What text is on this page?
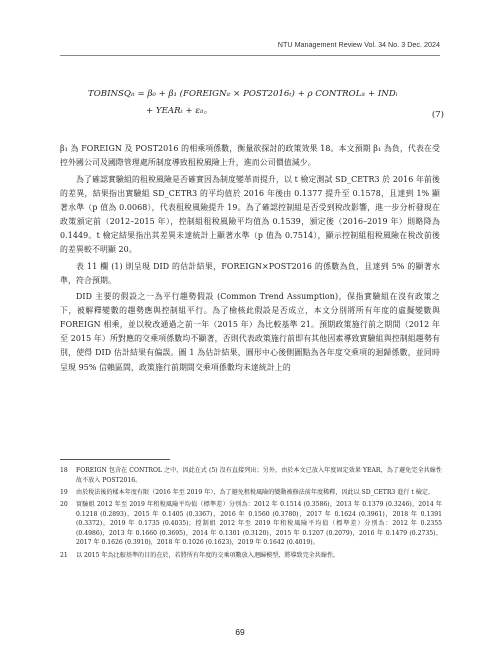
NTU Management Review Vol. 34 No. 3 Dec. 2024
TOBINSQᵢₜ = β₀ + β₁ (FOREIGNᵢₜ × POST2016ₜ) + ρ CONTROLᵢₜ + INDᵢ
+ YEARₜ + εᵢₜ。	(7)

β₁ 為 FOREIGN 及 POST2016 的相乘項係數，衡量欲探討的政策效果 18。本文預期 β₁ 為負，代表在受控外國公司及國際管理處所制度導致租稅風險上升，進而公司價值減少。

為了確認實驗組的租稅風險是否確實因為制度變革而提升，以 t 檢定測試 SD_CETR3 於 2016 年前後的差異，結果指出實驗組 SD_CETR3 的平均值於 2016 年後由 0.1377 提升至 0.1578，且達到 1% 顯著水準（p 值為 0.0068），代表租稅風險提升 19。為了確認控制組是否受到稅改影響，進一步分析發現在政策頒定前（2012–2015 年），控制組租稅風險平均值為 0.1539，頒定後（2016–2019 年）則略降為 0.1449。t 檢定結果指出其差異未達統計上顯著水準（p 值為 0.7514），顯示控制組租稅風險在稅改前後的差異較不明顯 20。

表 11 欄 (1) 則呈現 DID 的估計結果，FOREIGN×POST2016 的係數為負，且達到 5% 的顯著水準，符合預期。

DID 主要的假設之一為平行趨勢假設 (Common Trend Assumption)，保指實驗組在沒有政策之下，被解釋變數的趨勢應與控制組平行。為了檢核此假設是否成立，本文分別將所有年度的虛擬變數與 FOREIGN 相乘，並以稅改通過之前一年（2015 年）為比較基準 21。預期政策施行前之期間（2012 年至 2015 年）所對應的交乘項係數均不顯著，否則代表政策施行前即有其他因素導致實驗組與控制組趨勢有別，使得 DID 估計結果有偏誤。圖 1 為估計結果，圓形中心後側圖點為各年度交乘項的迴歸係數，並同時呈現 95% 信賴區間，政策施行前期間交乘項係數均未達統計上的

18	FOREIGN 包含在 CONTROL 之中，因此在式 (5) 沒有直接列出；另外，由於本文已放入年度固定效果 YEAR，為了避免完全共線性故不放入 POST2016。
19	由於稅法後的樣本年度有限（2016 年至 2019 年），為了避免租稅風險的變動被修法前年度稀釋，因此以 SD_CETR3 進行 t 檢定。
20	實驗組 2012 年至 2019 年租稅風險平均值（標準差）分別為：2012 年 0.1514 (0.3586)，2013 年 0.1379 (0.3246)，2014 年 0.1218 (0.2893)，2015 年 0.1405 (0.3367)，2016 年 0.1560 (0.3780)，2017 年 0.1624 (0.3961)，2018 年 0.1391 (0.3372)，2019 年 0.1735 (0.4035)；控制組 2012 年至 2019 年租稅風險平均值（標準差）分別為：2012 年 0.2355 (0.4986)，2013 年 0.1660 (0.3695)，2014 年 0.1301 (0.3120)，2015 年 0.1207 (0.2079)，2016 年 0.1479 (0.2735)，2017 年 0.1626 (0.3910)，2018 年 0.1026 (0.1623)，2019 年 0.1642 (0.4019)。
21	以 2015 年為比較基準的目的在於，若將所有年度的交乘項數放入迴歸模型，將導致完全共線性。
69
